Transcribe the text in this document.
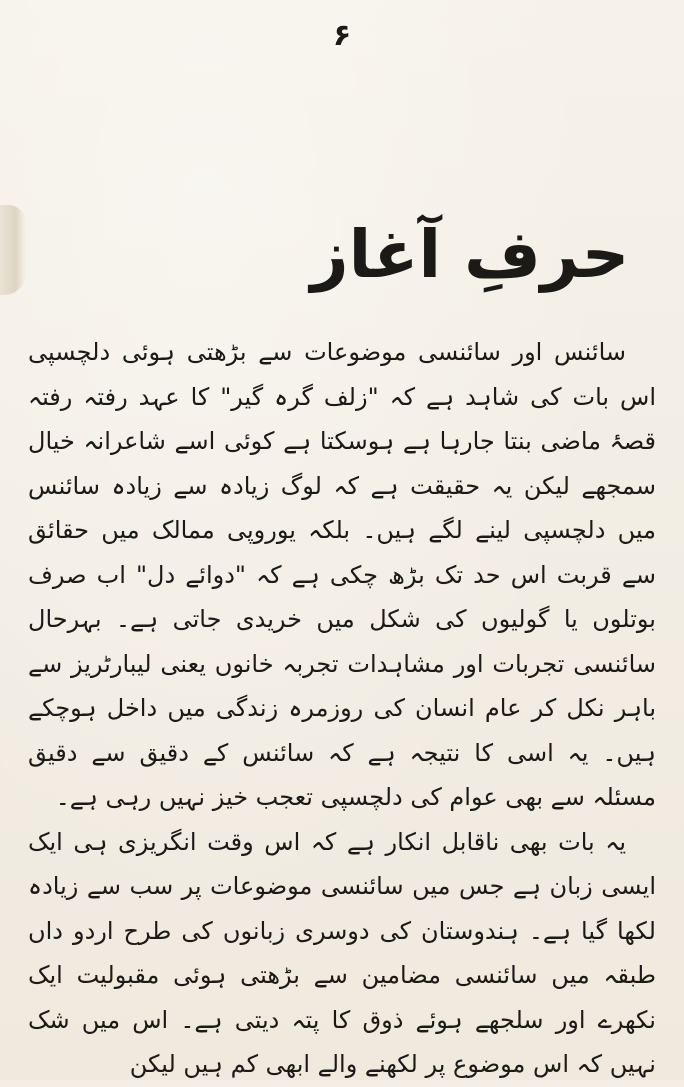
۶
حرفِ آغاز

سائنس اور سائنسی موضوعات سے بڑھتی ہوئی دلچسپی اس بات کی شاہد ہے کہ "زلف گرہ گیر" کا عہد رفتہ رفتہ قصۂ ماضی بنتا جارہا ہے ہوسکتا ہے کوئی اسے شاعرانہ خیال سمجھے لیکن یہ حقیقت ہے کہ لوگ زیادہ سے زیادہ سائنس میں دلچسپی لینے لگے ہیں۔ بلکہ یوروپی ممالک میں حقائق سے قربت اس حد تک بڑھ چکی ہے کہ "دوائے دل" اب صرف بوتلوں یا گولیوں کی شکل میں خریدی جاتی ہے۔ بہرحال سائنسی تجربات اور مشاہدات تجربہ خانوں یعنی لیبارٹریز سے باہر نکل کر عام انسان کی روزمرہ زندگی میں داخل ہوچکے ہیں۔ یہ اسی کا نتیجہ ہے کہ سائنس کے دقیق سے دقیق مسئلہ سے بھی عوام کی دلچسپی تعجب خیز نہیں رہی ہے۔

یہ بات بھی ناقابل انکار ہے کہ اس وقت انگریزی ہی ایک ایسی زبان ہے جس میں سائنسی موضوعات پر سب سے زیادہ لکھا گیا ہے۔ ہندوستان کی دوسری زبانوں کی طرح اردو داں طبقہ میں سائنسی مضامین سے بڑھتی ہوئی مقبولیت ایک نکھرے اور سلجھے ہوئے ذوق کا پتہ دیتی ہے۔ اس میں شک نہیں کہ اس موضوع پر لکھنے والے ابھی کم ہیں لیکن
